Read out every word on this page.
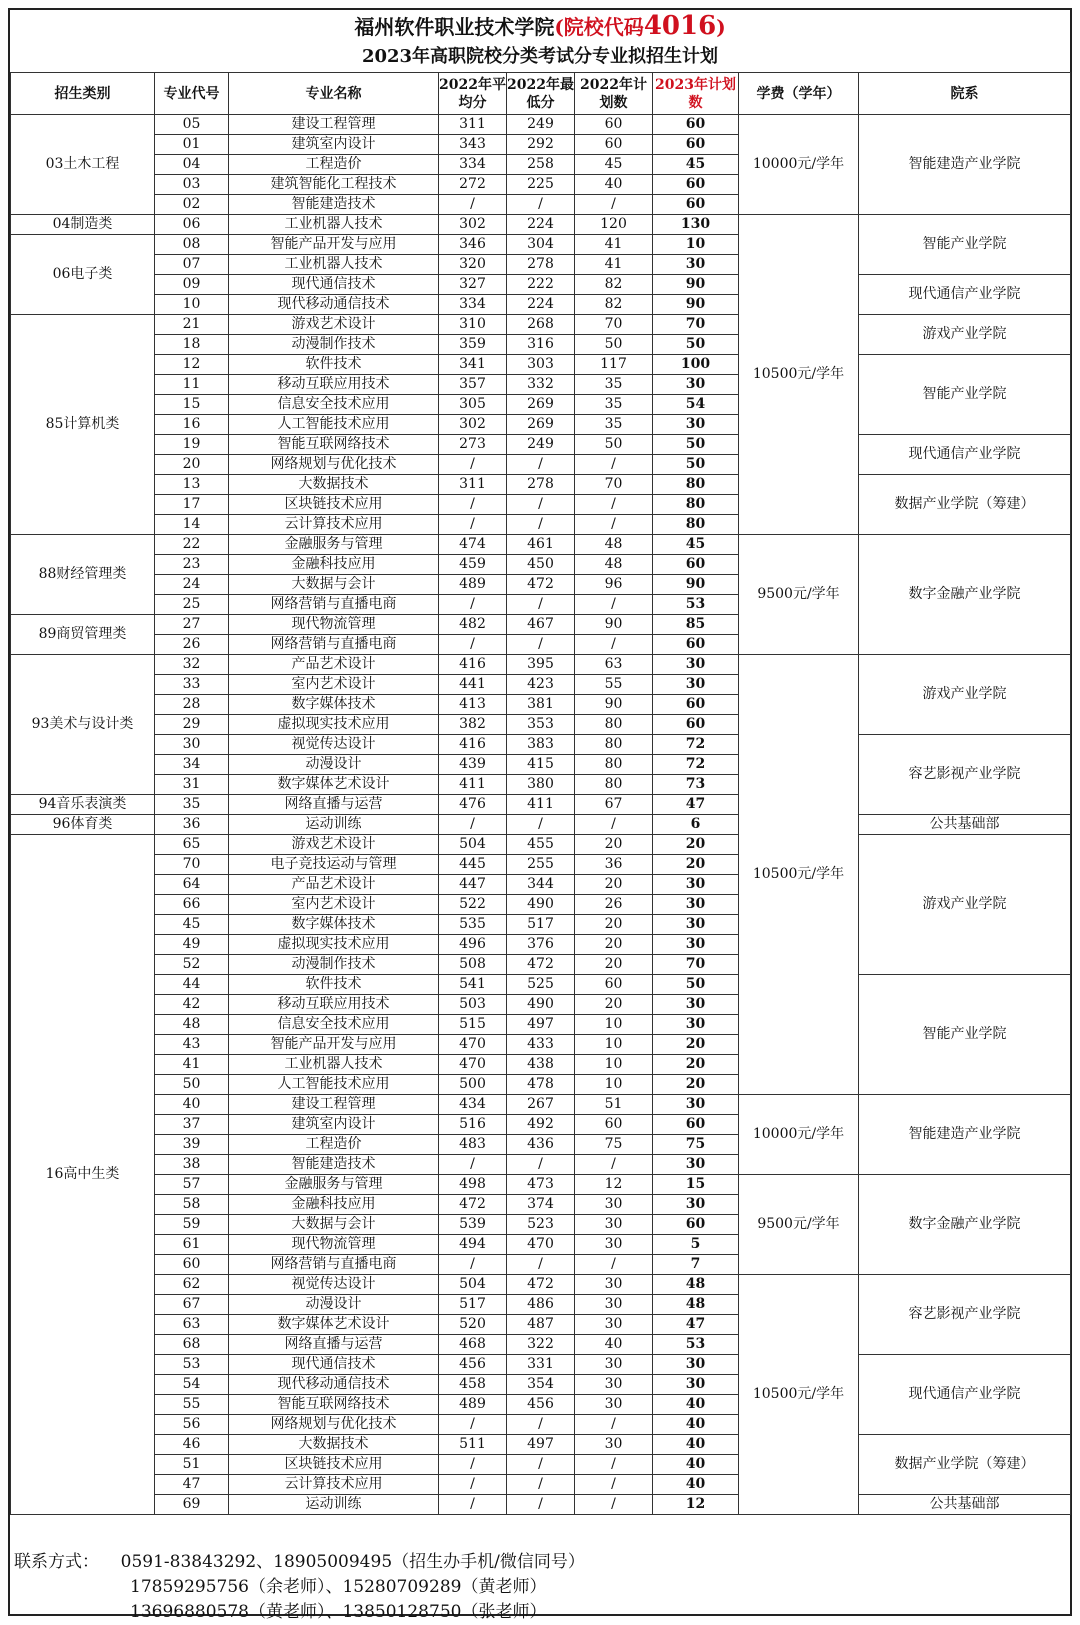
福州软件职业技术学院(院校代码4016)
2023年高职院校分类考试分专业拟招生计划
招生类别	专业代号	专业名称	2022年平均分	2022年最低分	2022年计划数	2023年计划数	学费（学年）	院系
03土木工程	05	建设工程管理	311	249	60	60	10000元/学年	智能建造产业学院
	01	建筑室内设计	343	292	60	60		
	04	工程造价	334	258	45	45		
	03	建筑智能化工程技术	272	225	40	60		
	02	智能建造技术	/	/	/	60		
04制造类	06	工业机器人技术	302	224	120	130	10500元/学年	智能产业学院
06电子类	08	智能产品开发与应用	346	304	41	10		
	07	工业机器人技术	320	278	41	30		
	09	现代通信技术	327	222	82	90		现代通信产业学院
	10	现代移动通信技术	334	224	82	90		
85计算机类	21	游戏艺术设计	310	268	70	70		游戏产业学院
	18	动漫制作技术	359	316	50	50		
	12	软件技术	341	303	117	100		智能产业学院
	11	移动互联应用技术	357	332	35	30		
	15	信息安全技术应用	305	269	35	54		
	16	人工智能技术应用	302	269	35	30		
	19	智能互联网络技术	273	249	50	50		现代通信产业学院
	20	网络规划与优化技术	/	/	/	50		
	13	大数据技术	311	278	70	80		数据产业学院（筹建）
	17	区块链技术应用	/	/	/	80		
	14	云计算技术应用	/	/	/	80		
88财经管理类	22	金融服务与管理	474	461	48	45	9500元/学年	数字金融产业学院
	23	金融科技应用	459	450	48	60		
	24	大数据与会计	489	472	96	90		
	25	网络营销与直播电商	/	/	/	53		
89商贸管理类	27	现代物流管理	482	467	90	85		
	26	网络营销与直播电商	/	/	/	60		
93美术与设计类	32	产品艺术设计	416	395	63	30	10500元/学年	游戏产业学院
	33	室内艺术设计	441	423	55	30		
	28	数字媒体技术	413	381	90	60		
	29	虚拟现实技术应用	382	353	80	60		
	30	视觉传达设计	416	383	80	72		容艺影视产业学院
	34	动漫设计	439	415	80	72		
	31	数字媒体艺术设计	411	380	80	73		
94音乐表演类	35	网络直播与运营	476	411	67	47		
96体育类	36	运动训练	/	/	/	6		公共基础部
16高中生类	65	游戏艺术设计	504	455	20	20		游戏产业学院
	70	电子竞技运动与管理	445	255	36	20		
	64	产品艺术设计	447	344	20	30		
	66	室内艺术设计	522	490	26	30		
	45	数字媒体技术	535	517	20	30		
	49	虚拟现实技术应用	496	376	20	30		
	52	动漫制作技术	508	472	20	70		
	44	软件技术	541	525	60	50		智能产业学院
	42	移动互联应用技术	503	490	20	30		
	48	信息安全技术应用	515	497	10	30		
	43	智能产品开发与应用	470	433	10	20		
	41	工业机器人技术	470	438	10	20		
	50	人工智能技术应用	500	478	10	20		
	40	建设工程管理	434	267	51	30	10000元/学年	智能建造产业学院
	37	建筑室内设计	516	492	60	60		
	39	工程造价	483	436	75	75		
	38	智能建造技术	/	/	/	30		
	57	金融服务与管理	498	473	12	15	9500元/学年	数字金融产业学院
	58	金融科技应用	472	374	30	30		
	59	大数据与会计	539	523	30	60		
	61	现代物流管理	494	470	30	5		
	60	网络营销与直播电商	/	/	/	7		
	62	视觉传达设计	504	472	30	48	10500元/学年	容艺影视产业学院
	67	动漫设计	517	486	30	48		
	63	数字媒体艺术设计	520	487	30	47		
	68	网络直播与运营	468	322	40	53		
	53	现代通信技术	456	331	30	30		现代通信产业学院
	54	现代移动通信技术	458	354	30	30		
	55	智能互联网络技术	489	456	30	40		
	56	网络规划与优化技术	/	/	/	40		
	46	大数据技术	511	497	30	40		数据产业学院（筹建）
	51	区块链技术应用	/	/	/	40		
	47	云计算技术应用	/	/	/	40		
	69	运动训练	/	/	/	12		公共基础部
联系方式： 0591-83843292、18905009495（招生办手机/微信同号）
17859295756（余老师）、15280709289（黄老师）
13696880578（黄老师）、13850128750（张老师）
